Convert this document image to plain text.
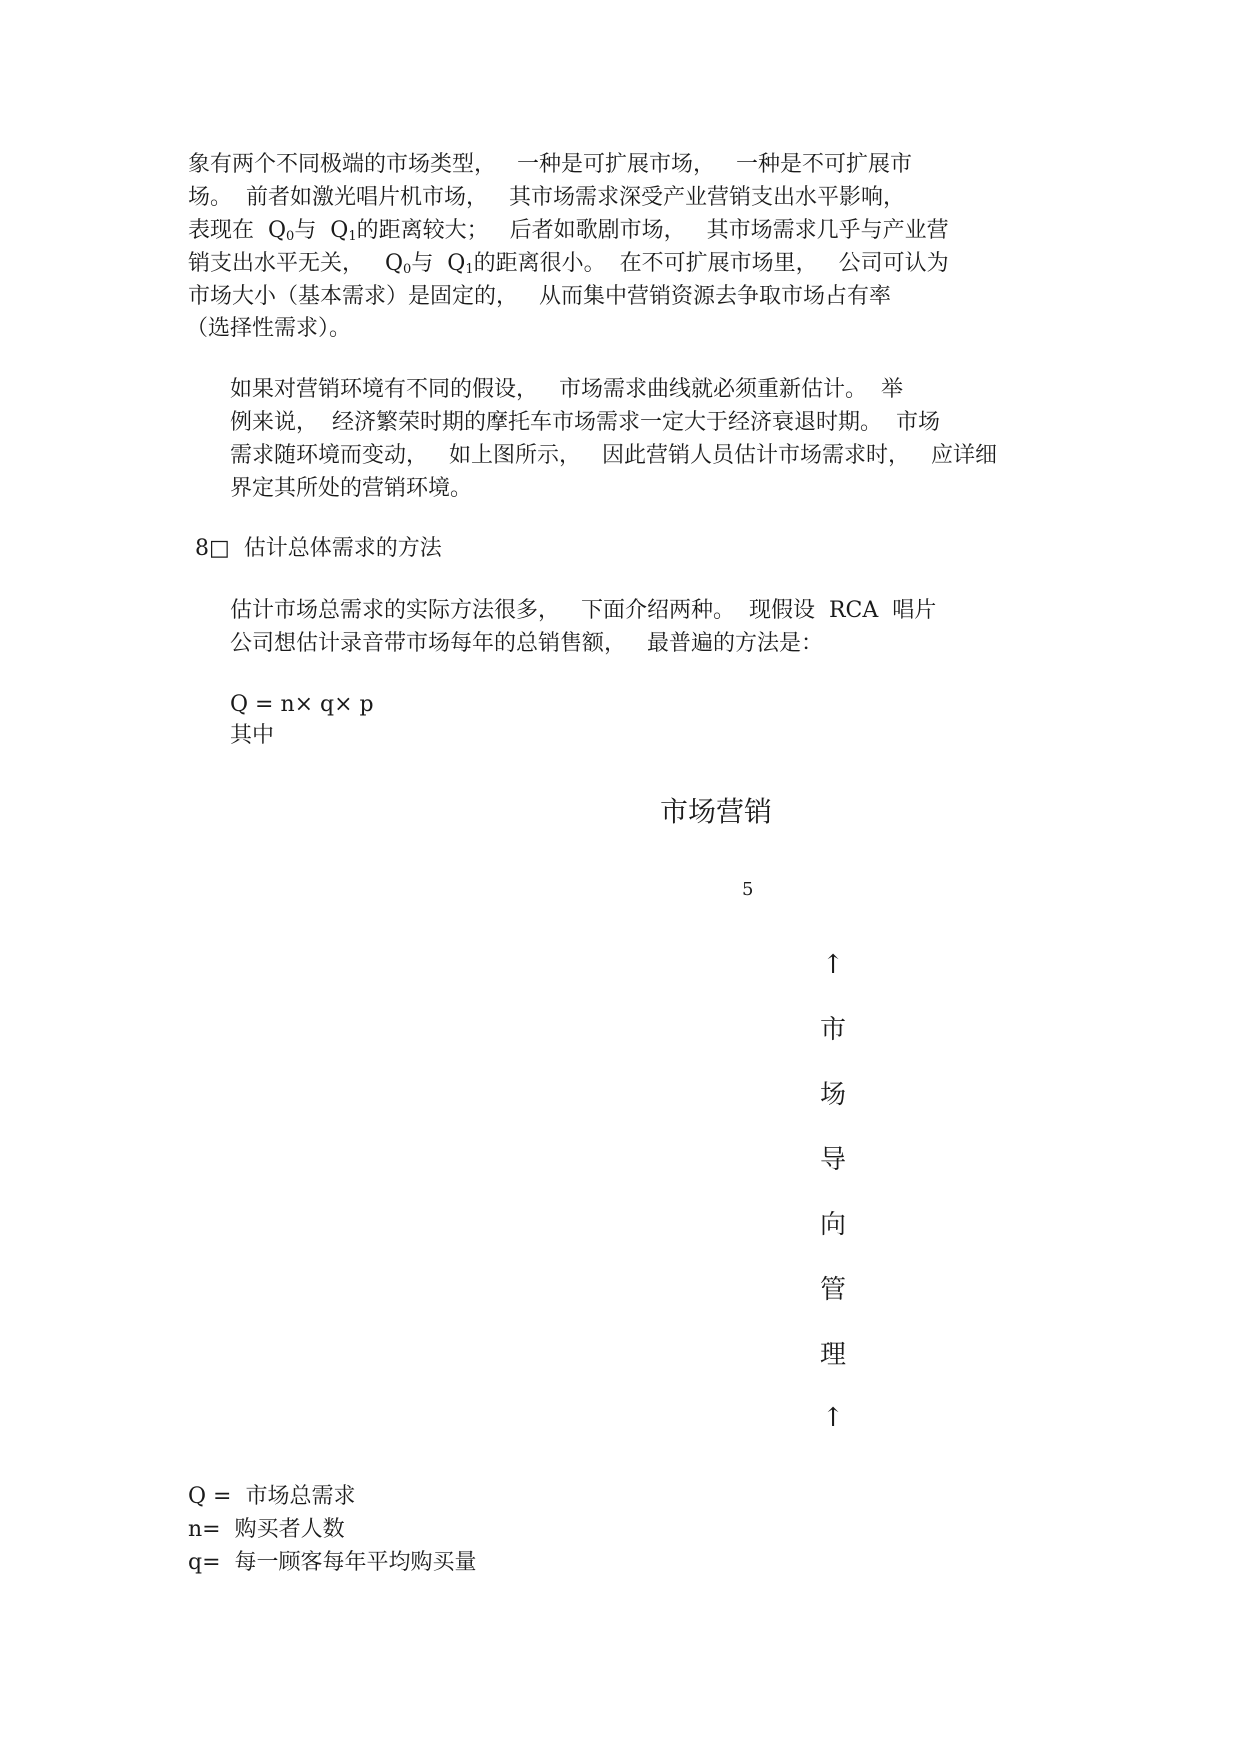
象有两个不同极端的市场类型，   一种是可扩展市场，   一种是不可扩展市
场。  前者如激光唱片机市场，   其市场需求深受产业营销支出水平影响，
表现在  $Q_0$与  $Q_1$的距离较大；   后者如歌剧市场，   其市场需求几乎与产业营
销支出水平无关，   $Q_0$与  $Q_1$的距离很小。  在不可扩展市场里，   公司可认为
市场大小（基本需求）是固定的，   从而集中营销资源去争取市场占有率
（选择性需求）。
如果对营销环境有不同的假设，   市场需求曲线就必须重新估计。  举
例来说，  经济繁荣时期的摩托车市场需求一定大于经济衰退时期。  市场
需求随环境而变动，   如上图所示，   因此营销人员估计市场需求时，   应详细
界定其所处的营销环境。
8□ 估计总体需求的方法
估计市场总需求的实际方法很多，   下面介绍两种。  现假设  RCA  唱片
公司想估计录音带市场每年的总销售额，   最普遍的方法是：
Q = n× q× p
其中
市场营销
5
↑
市
场
导
向
管
理
↑
Q =  市场总需求
n=  购买者人数
q=  每一顾客每年平均购买量
